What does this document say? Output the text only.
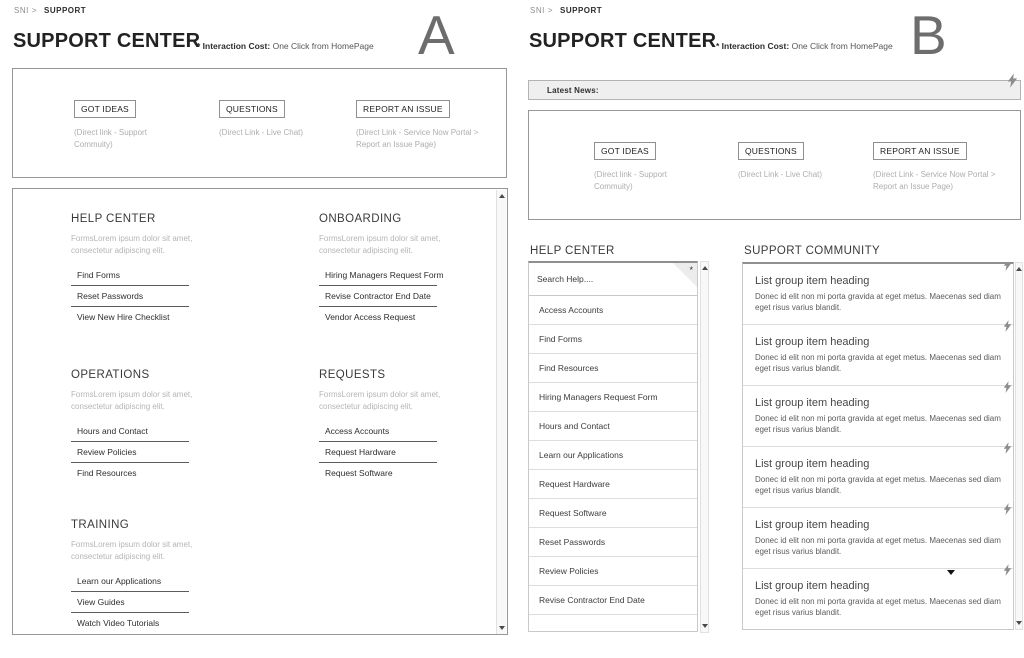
SNI > SUPPORT
SUPPORT CENTER
* Interaction Cost: One Click from HomePage A
GOT IDEAS
(Direct link - Support Commuity)
QUESTIONS
(Direct Link - Live Chat)
REPORT AN ISSUE
(Direct Link - Service Now Portal > Report an Issue Page)
HELP CENTER

FormsLorem ipsum dolor sit amet, consectetur adipiscing elit.

Find Forms
Reset Passwords
View New Hire Checklist
ONBOARDING

FormsLorem ipsum dolor sit amet, consectetur adipiscing elit.

Hiring Managers Request Form
Revise Contractor End Date
Vendor Access Request
OPERATIONS

FormsLorem ipsum dolor sit amet, consectetur adipiscing elit.

Hours and Contact
Review Policies
Find Resources
REQUESTS

FormsLorem ipsum dolor sit amet, consectetur adipiscing elit.

Access Accounts
Request Hardware
Request Software
TRAINING

FormsLorem ipsum dolor sit amet, consectetur adipiscing elit.

Learn our Applications
View Guides
Watch Video Tutorials
SNI > SUPPORT
SUPPORT CENTER * Interaction Cost: One Click from HomePage B
Latest News:
GOT IDEAS
(Direct link - Support Commuity)
QUESTIONS
(Direct Link - Live Chat)
REPORT AN ISSUE
(Direct Link - Service Now Portal > Report an Issue Page)
HELP CENTER
*
Search Help....
Access Accounts
Find Forms
Find Resources
Hiring Managers Request Form
Hours and Contact
Learn our Applications
Request Hardware
Request Software
Reset Passwords
Review Policies
Revise Contractor End Date
SUPPORT COMMUNITY
List group item heading

Donec id elit non mi porta gravida at eget metus. Maecenas sed diam eget risus varius blandit.

List group item heading

Donec id elit non mi porta gravida at eget metus. Maecenas sed diam eget risus varius blandit.

List group item heading

Donec id elit non mi porta gravida at eget metus. Maecenas sed diam eget risus varius blandit.

List group item heading

Donec id elit non mi porta gravida at eget metus. Maecenas sed diam eget risus varius blandit.

List group item heading

Donec id elit non mi porta gravida at eget metus. Maecenas sed diam eget risus varius blandit.

List group item heading

Donec id elit non mi porta gravida at eget metus. Maecenas sed diam eget risus varius blandit.
